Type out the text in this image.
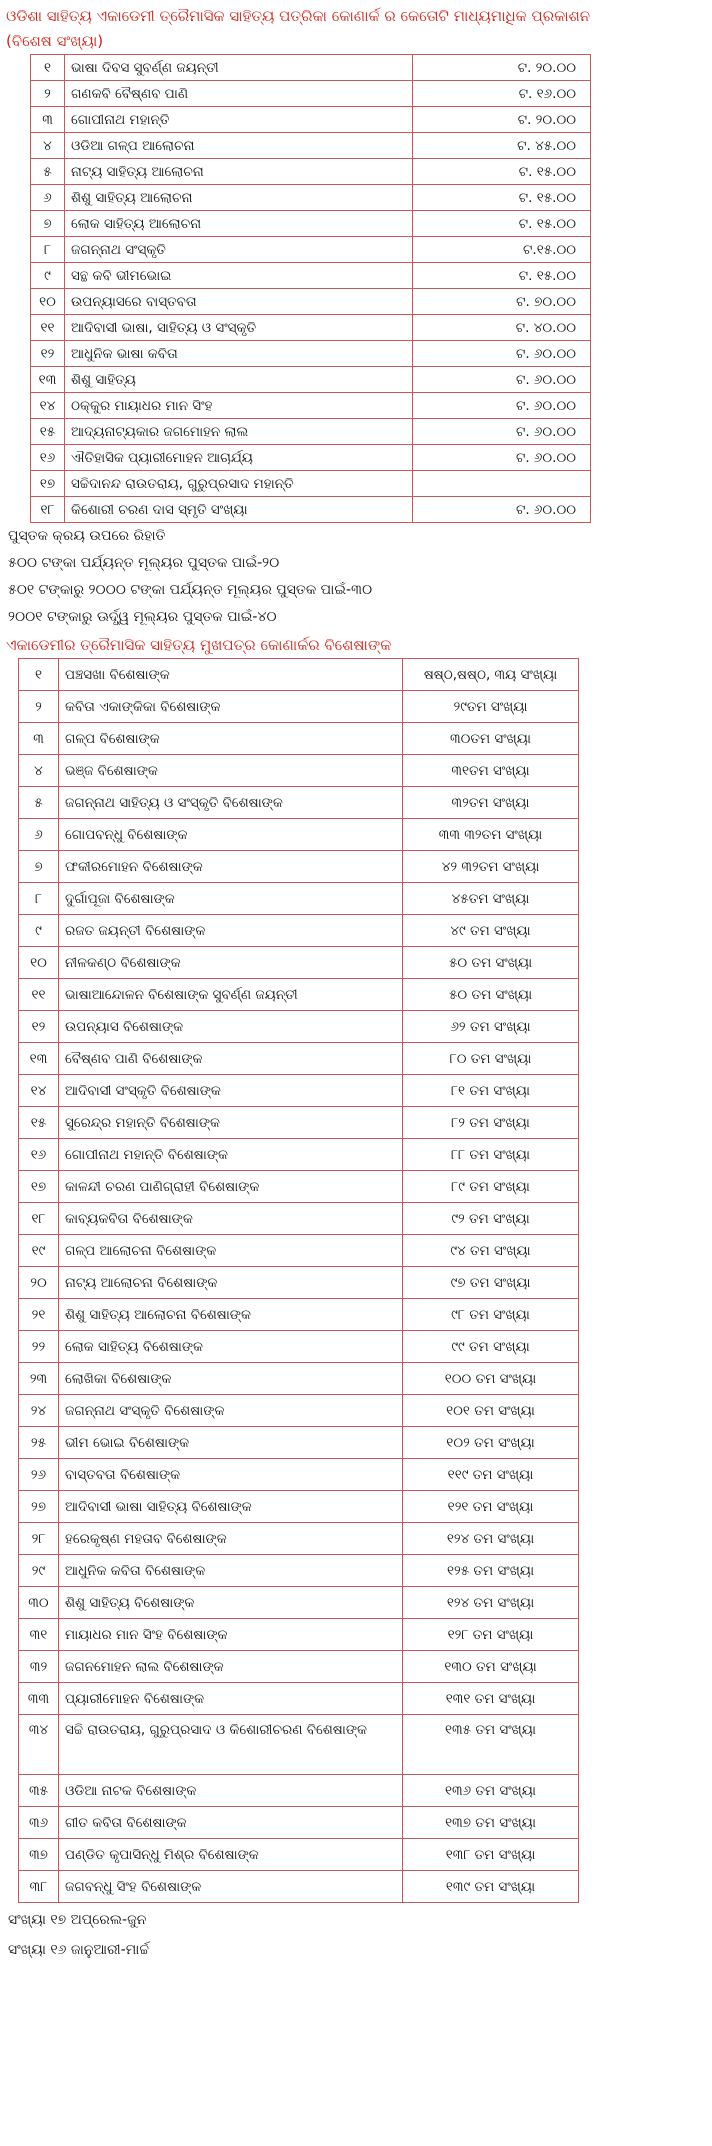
ଓଡିଶା ସାହିତ୍ୟ ଏକାଡେମୀ ତ୍ରୈମାସିକ ସାହିତ୍ୟ ପତ୍ରିକା କୋଣାର୍କ ର କେତୋଟି ମାଧ୍ୟମାଧିକ ପ୍ରକାଶନ
(ବିଶେଷ ସଂଖ୍ୟା)
୧	ଭାଷା ଦିବସ ସୁବର୍ଣ୍ଣ ଜୟନ୍ତୀ	ଟ. ୨୦.୦୦
୨	ଗଣକବି ବୈଷ୍ଣବ ପାଣି	ଟ. ୧୬.୦୦
୩	ଗୋପୀନାଥ ମହାନ୍ତି	ଟ. ୨୦.୦୦
୪	ଓଡିଆ ଗଳ୍ପ ଆଲୋଚନା	ଟ. ୪୫.୦୦
୫	ନାଟ୍ୟ ସାହିତ୍ୟ ଆଲୋଚନା	ଟ. ୧୫.୦୦
୬	ଶିଶୁ ସାହିତ୍ୟ ଆଲୋଚନା	ଟ. ୧୫.୦୦
୭	ଲୋକ ସାହିତ୍ୟ ଆଲୋଚନା	ଟ. ୧୫.୦୦
୮	ଜଗନ୍ନାଥ ସଂସ୍କୃତି	ଟ.୧୫.୦୦
୯	ସନ୍ଥ କବି ଭୀମଭୋଇ	ଟ. ୧୫.୦୦
୧୦	ଉପନ୍ୟାସରେ ବାସ୍ତବତା	ଟ. ୭୦.୦୦
୧୧	ଆଦିବାସୀ ଭାଷା, ସାହିତ୍ୟ ଓ ସଂସ୍କୃତି	ଟ. ୪୦.୦୦
୧୨	ଆଧୁନିକ ଭାଷା କବିତା	ଟ. ୬୦.୦୦
୧୩	ଶିଶୁ ସାହିତ୍ୟ	ଟ. ୬୦.୦୦
୧୪	ଠକ୍କୁର ମାୟାଧର ମାନ ସିଂହ	ଟ. ୬୦.୦୦
୧୫	ଆଦ୍ୟନାଟ୍ୟକାର ଜଗମୋହନ ଲାଲ	ଟ. ୬୦.୦୦
୧୬	ଐତିହାସିକ ପ୍ୟାରୀମୋହନ ଆଚାର୍ଯ୍ୟ	ଟ. ୬୦.୦୦
୧୭	ସଚ୍ଚିଦାନନ୍ଦ ରାଉତରାୟ, ଗୁରୁପ୍ରସାଦ ମହାନ୍ତି	
୧୮	କିଶୋରୀ ଚରଣ ଦାସ ସ୍ମୃତି ସଂଖ୍ୟା	ଟ. ୬୦.୦୦
ପୁସ୍ତକ କ୍ରୟ ଉପରେ ରିହାତି
୫୦୦ ଟଙ୍କା ପର୍ଯ୍ୟନ୍ତ ମୂଲ୍ୟର ପୁସ୍ତକ ପାଇଁ-୨୦
୫୦୧ ଟଙ୍କାରୁ ୨୦୦୦ ଟଙ୍କା ପର୍ଯ୍ୟନ୍ତ ମୂଲ୍ୟର ପୁସ୍ତକ ପାଇଁ-୩୦
୨୦୦୧ ଟଙ୍କାରୁ ଊର୍ଦ୍ଧ୍ୱ ମୂଲ୍ୟର ପୁସ୍ତକ ପାଇଁ-୪୦
ଏକାଡେମୀର ତ୍ରୈମାସିକ ସାହିତ୍ୟ ମୁଖପତ୍ର କୋଣାର୍କର ବିଶେଷାଙ୍କ
୧	ପଞ୍ଚସଖା ବିଶେଷାଙ୍କ	ଷଷ୍ଠ,ଷଷ୍ଠ, ୩ୟ ସଂଖ୍ୟା
୨	କବିତା ଏକାଙ୍କିକା ବିଶେଷାଙ୍କ	୨୯ତମ ସଂଖ୍ୟା
୩	ଗଳ୍ପ ବିଶେଷାଙ୍କ	୩୦ତମ ସଂଖ୍ୟା
୪	ଭଞ୍ଜ ବିଶେଷାଙ୍କ	୩୧ତମ ସଂଖ୍ୟା
୫	ଜଗନ୍ନାଥ ସାହିତ୍ୟ ଓ ସଂସ୍କୃତି ବିଶେଷାଙ୍କ	୩୨ତମ ସଂଖ୍ୟା
୬	ଗୋପବନ୍ଧୁ ବିଶେଷାଙ୍କ	୩୩ ୩୨ତମ ସଂଖ୍ୟା
୭	ଫକୀରମୋହନ ବିଶେଷାଙ୍କ	୪୨ ୩୨ତମ ସଂଖ୍ୟା
୮	ଦୁର୍ଗାପୂଜା ବିଶେଷାଙ୍କ	୪୫ତମ ସଂଖ୍ୟା
୯	ରଜତ ଜୟନ୍ତୀ ବିଶେଷାଙ୍କ	୪୯ ତମ ସଂଖ୍ୟା
୧୦	ନୀଳକଣ୍ଠ ବିଶେଷାଙ୍କ	୫୦ ତମ ସଂଖ୍ୟା
୧୧	ଭାଷାଆନ୍ଦୋଳନ ବିଶେଷାଙ୍କ ସୁବର୍ଣ୍ଣ ଜୟନ୍ତୀ	୫୦ ତମ ସଂଖ୍ୟା
୧୨	ଉପନ୍ୟାସ ବିଶେଷାଙ୍କ	୬୨ ତମ ସଂଖ୍ୟା
୧୩	ବୈଷ୍ଣବ ପାଣି ବିଶେଷାଙ୍କ	୮୦ ତମ ସଂଖ୍ୟା
୧୪	ଆଦିବାସୀ ସଂସ୍କୃତି ବିଶେଷାଙ୍କ	୮୧ ତମ ସଂଖ୍ୟା
୧୫	ସୁରେନ୍ଦ୍ର ମହାନ୍ତି ବିଶେଷାଙ୍କ	୮୨ ତମ ସଂଖ୍ୟା
୧୬	ଗୋପୀନାଥ ମହାନ୍ତି ବିଶେଷାଙ୍କ	୮୮ ତମ ସଂଖ୍ୟା
୧୭	କାଳନ୍ଦୀ ଚରଣ ପାଣିଗ୍ରାହୀ ବିଶେଷାଙ୍କ	୮୯ ତମ ସଂଖ୍ୟା
୧୮	କାବ୍ୟକବିତା ବିଶେଷାଙ୍କ	୯୨ ତମ ସଂଖ୍ୟା
୧୯	ଗଳ୍ପ ଆଲୋଚନା ବିଶେଷାଙ୍କ	୯୪ ତମ ସଂଖ୍ୟା
୨୦	ନାଟ୍ୟ ଆଲୋଚନା ବିଶେଷାଙ୍କ	୯୭ ତମ ସଂଖ୍ୟା
୨୧	ଶିଶୁ ସାହିତ୍ୟ ଆଲୋଚନା ବିଶେଷାଙ୍କ	୯୮ ତମ ସଂଖ୍ୟା
୨୨	ଲୋକ ସାହିତ୍ୟ ବିଶେଷାଙ୍କ	୯୯ ତମ ସଂଖ୍ୟା
୨୩	ଲୋଖିକା ବିଶେଷାଙ୍କ	୧୦୦ ତମ ସଂଖ୍ୟା
୨୪	ଜଗନ୍ନାଥ ସଂସ୍କୃତି ବିଶେଷାଙ୍କ	୧୦୧ ତମ ସଂଖ୍ୟା
୨୫	ଭୀମ ଭୋଇ ବିଶେଷାଙ୍କ	୧୦୨ ତମ ସଂଖ୍ୟା
୨୬	ବାସ୍ତବତା ବିଶେଷାଙ୍କ	୧୧୯ ତମ ସଂଖ୍ୟା
୨୭	ଆଦିବାସୀ ଭାଷା ସାହିତ୍ୟ ବିଶେଷାଙ୍କ	୧୨୧ ତମ ସଂଖ୍ୟା
୨୮	ହରେକୃଷ୍ଣ ମହତାବ ବିଶେଷାଙ୍କ	୧୨୪ ତମ ସଂଖ୍ୟା
୨୯	ଆଧୁନିକ କବିତା ବିଶେଷାଙ୍କ	୧୨୫ ତମ ସଂଖ୍ୟା
୩୦	ଶିଶୁ ସାହିତ୍ୟ ବିଶେଷାଙ୍କ	୧୨୪ ତମ ସଂଖ୍ୟା
୩୧	ମାୟାଧର ମାନ ସିଂହ ବିଶେଷାଙ୍କ	୧୨୮ ତମ ସଂଖ୍ୟା
୩୨	ଜଗନମୋହନ ଲାଲ ବିଶେଷାଙ୍କ	୧୩୦ ତମ ସଂଖ୍ୟା
୩୩	ପ୍ୟାରୀମୋହନ ବିଶେଷାଙ୍କ	୧୩୧ ତମ ସଂଖ୍ୟା
୩୪	ସଚ୍ଚି ରାଉତରାୟ, ଗୁରୁପ୍ରସାଦ ଓ କିଶୋରୀଚରଣ ବିଶେଷାଙ୍କ	୧୩୫ ତମ ସଂଖ୍ୟା
୩୫	ଓଡିଆ ନାଟକ ବିଶେଷାଙ୍କ	୧୩୬ ତମ ସଂଖ୍ୟା
୩୬	ଗୀତ କବିତା ବିଶେଷାଙ୍କ	୧୩୭ ତମ ସଂଖ୍ୟା
୩୭	ପଣ୍ଡିତ କୃପାସିନ୍ଧୁ ମିଶ୍ର ବିଶେଷାଙ୍କ	୧୩୮ ତମ ସଂଖ୍ୟା
୩୮	ଜଗବନ୍ଧୁ ସିଂହ ବିଶେଷାଙ୍କ	୧୩୯ ତମ ସଂଖ୍ୟା
ସଂଖ୍ୟା ୧୭ ଅପ୍ରେଲ-ଜୁନ
ସଂଖ୍ୟା ୧୬ ଜାନୁଆରୀ-ମାର୍ଚ୍ଚ
